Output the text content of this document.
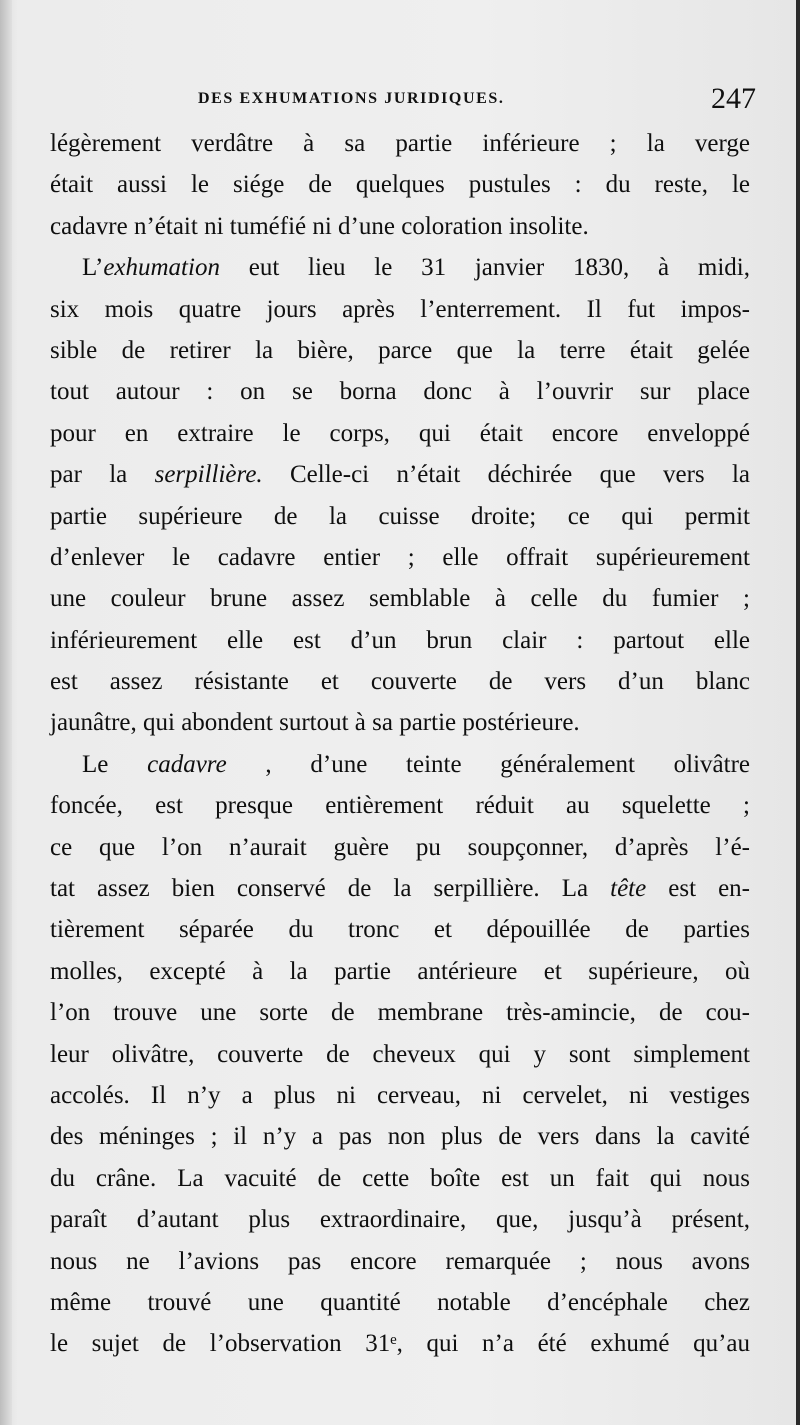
DES EXHUMATIONS JURIDIQUES.	247
légèrement verdâtre à sa partie inférieure ; la verge
était aussi le siége de quelques pustules : du reste, le
cadavre n’était ni tuméfié ni d’une coloration insolite.
L’exhumation eut lieu le 31 janvier 1830, à midi,
six mois quatre jours après l’enterrement. Il fut impos-
sible de retirer la bière, parce que la terre était gelée
tout autour : on se borna donc à l’ouvrir sur place
pour en extraire le corps, qui était encore enveloppé
par la serpillière. Celle-ci n’était déchirée que vers la
partie supérieure de la cuisse droite; ce qui permit
d’enlever le cadavre entier ; elle offrait supérieurement
une couleur brune assez semblable à celle du fumier ;
inférieurement elle est d’un brun clair : partout elle
est assez résistante et couverte de vers d’un blanc
jaunâtre, qui abondent surtout à sa partie postérieure.
Le cadavre , d’une teinte généralement olivâtre
foncée, est presque entièrement réduit au squelette ;
ce que l’on n’aurait guère pu soupçonner, d’après l’é-
tat assez bien conservé de la serpillière. La tête est en-
tièrement séparée du tronc et dépouillée de parties
molles, excepté à la partie antérieure et supérieure, où
l’on trouve une sorte de membrane très-amincie, de cou-
leur olivâtre, couverte de cheveux qui y sont simplement
accolés. Il n’y a plus ni cerveau, ni cervelet, ni vestiges
des méninges ; il n’y a pas non plus de vers dans la cavité
du crâne. La vacuité de cette boîte est un fait qui nous
paraît d’autant plus extraordinaire, que, jusqu’à présent,
nous ne l’avions pas encore remarquée ; nous avons
même trouvé une quantité notable d’encéphale chez
le sujet de l’observation 31ᵉ, qui n’a été exhumé qu’au
